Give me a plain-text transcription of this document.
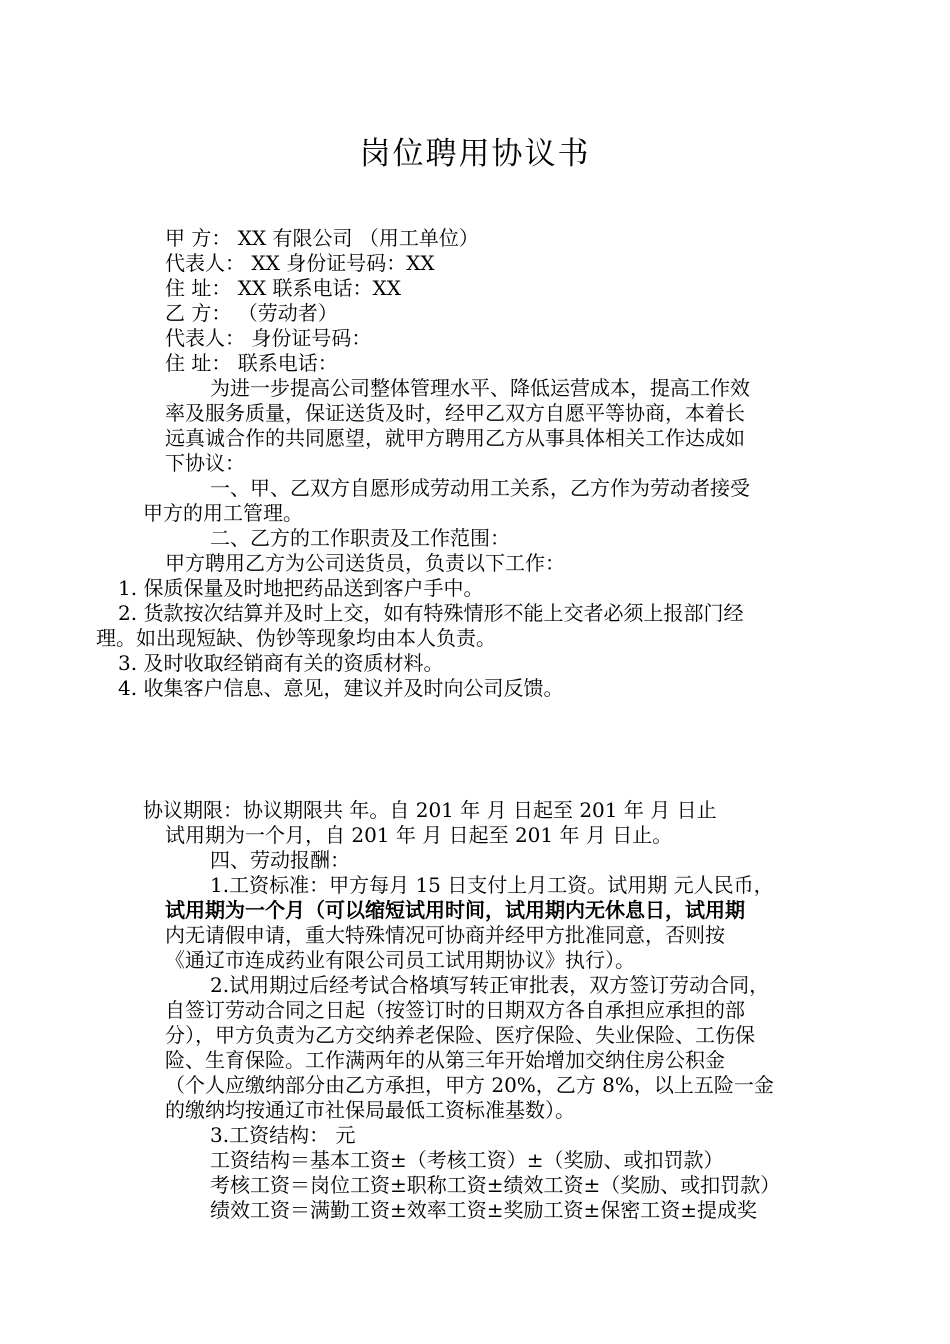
岗位聘用协议书
甲 方： XX 有限公司 （用工单位）
代表人： XX 身份证号码：XX
住 址： XX 联系电话：XX
乙 方： （劳动者）
代表人： 身份证号码：
住 址： 联系电话：
为进一步提高公司整体管理水平、降低运营成本，提高工作效
率及服务质量，保证送货及时，经甲乙双方自愿平等协商，本着长
远真诚合作的共同愿望，就甲方聘用乙方从事具体相关工作达成如
下协议：
一、甲、乙双方自愿形成劳动用工关系，乙方作为劳动者接受
甲方的用工管理。
二、乙方的工作职责及工作范围：
甲方聘用乙方为公司送货员，负责以下工作：
1. 保质保量及时地把药品送到客户手中。
2. 货款按次结算并及时上交，如有特殊情形不能上交者必须上报部门经
理。如出现短缺、伪钞等现象均由本人负责。
3. 及时收取经销商有关的资质材料。
4. 收集客户信息、意见，建议并及时向公司反馈。
协议期限：协议期限共 年。自 201 年 月 日起至 201 年 月 日止
试用期为一个月，自 201 年 月 日起至 201 年 月 日止。
四、劳动报酬：
1.工资标准：甲方每月 15 日支付上月工资。试用期 元人民币，
试用期为一个月（可以缩短试用时间，试用期内无休息日，试用期
内无请假申请，重大特殊情况可协商并经甲方批准同意，否则按
《通辽市连成药业有限公司员工试用期协议》执行）。
2.试用期过后经考试合格填写转正审批表，双方签订劳动合同，
自签订劳动合同之日起（按签订时的日期双方各自承担应承担的部
分），甲方负责为乙方交纳养老保险、医疗保险、失业保险、工伤保
险、生育保险。工作满两年的从第三年开始增加交纳住房公积金
（个人应缴纳部分由乙方承担，甲方 20%，乙方 8%，以上五险一金
的缴纳均按通辽市社保局最低工资标准基数）。
3.工资结构： 元
工资结构＝基本工资±（考核工资）±（奖励、或扣罚款）
考核工资＝岗位工资±职称工资±绩效工资±（奖励、或扣罚款）
绩效工资＝满勤工资±效率工资±奖励工资±保密工资±提成奖
